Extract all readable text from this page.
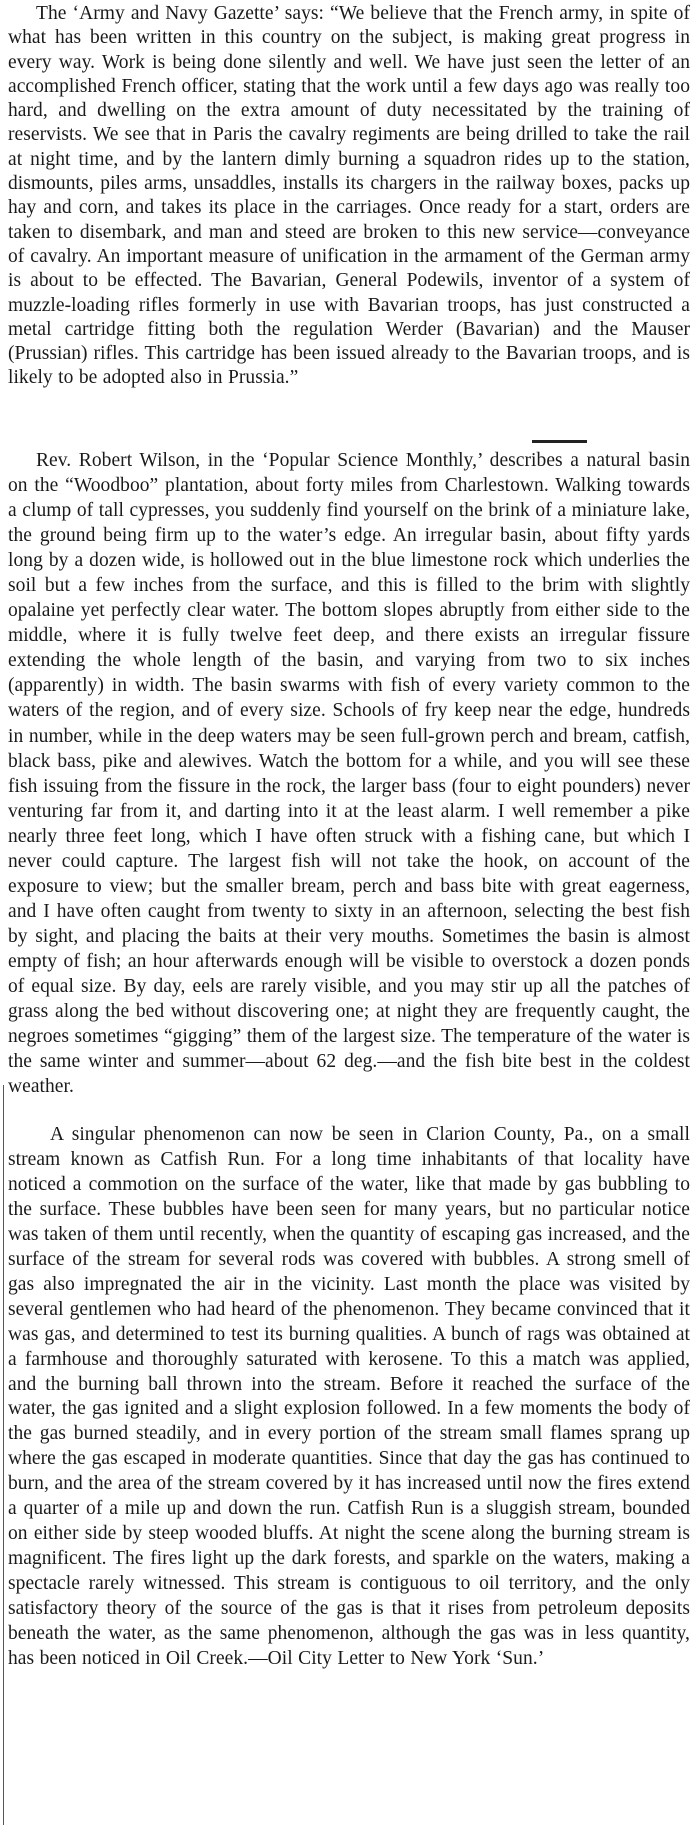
The ‘Army and Navy Gazette’ says: “We believe that the French army, in spite of what has been written in this country on the subject, is making great progress in every way. Work is being done silently and well. We have just seen the letter of an accomplished French officer, stating that the work until a few days ago was really too hard, and dwelling on the extra amount of duty necessitated by the training of reservists. We see that in Paris the cavalry regiments are being drilled to take the rail at night time, and by the lantern dimly burning a squadron rides up to the station, dismounts, piles arms, unsaddles, installs its chargers in the railway boxes, packs up hay and corn, and takes its place in the carriages. Once ready for a start, orders are taken to disembark, and man and steed are broken to this new service—conveyance of cavalry. An important measure of unification in the armament of the German army is about to be effected. The Bavarian, General Podewils, inventor of a system of muzzle-loading rifles formerly in use with Bavarian troops, has just constructed a metal cartridge fitting both the regulation Werder (Bavarian) and the Mauser (Prussian) rifles. This cartridge has been issued already to the Bavarian troops, and is likely to be adopted also in Prussia.”

Rev. Robert Wilson, in the ‘Popular Science Monthly,’ describes a natural basin on the “Woodboo” plantation, about forty miles from Charlestown. Walking towards a clump of tall cypresses, you suddenly find yourself on the brink of a miniature lake, the ground being firm up to the water’s edge. An irregular basin, about fifty yards long by a dozen wide, is hollowed out in the blue limestone rock which underlies the soil but a few inches from the surface, and this is filled to the brim with slightly opalaine yet perfectly clear water. The bottom slopes abruptly from either side to the middle, where it is fully twelve feet deep, and there exists an irregular fissure extending the whole length of the basin, and varying from two to six inches (apparently) in width. The basin swarms with fish of every variety common to the waters of the region, and of every size. Schools of fry keep near the edge, hundreds in number, while in the deep waters may be seen full-grown perch and bream, catfish, black bass, pike and alewives. Watch the bottom for a while, and you will see these fish issuing from the fissure in the rock, the larger bass (four to eight pounders) never venturing far from it, and darting into it at the least alarm. I well remember a pike nearly three feet long, which I have often struck with a fishing cane, but which I never could capture. The largest fish will not take the hook, on account of the exposure to view; but the smaller bream, perch and bass bite with great eagerness, and I have often caught from twenty to sixty in an afternoon, selecting the best fish by sight, and placing the baits at their very mouths. Sometimes the basin is almost empty of fish; an hour afterwards enough will be visible to overstock a dozen ponds of equal size. By day, eels are rarely visible, and you may stir up all the patches of grass along the bed without discovering one; at night they are frequently caught, the negroes sometimes “gigging” them of the largest size. The temperature of the water is the same winter and summer—about 62 deg.—and the fish bite best in the coldest weather.

A singular phenomenon can now be seen in Clarion County, Pa., on a small stream known as Catfish Run. For a long time inhabitants of that locality have noticed a commotion on the surface of the water, like that made by gas bubbling to the surface. These bubbles have been seen for many years, but no particular notice was taken of them until recently, when the quantity of escaping gas increased, and the surface of the stream for several rods was covered with bubbles. A strong smell of gas also impregnated the air in the vicinity. Last month the place was visited by several gentlemen who had heard of the phenomenon. They became convinced that it was gas, and determined to test its burning qualities. A bunch of rags was obtained at a farmhouse and thoroughly saturated with kerosene. To this a match was applied, and the burning ball thrown into the stream. Before it reached the surface of the water, the gas ignited and a slight explosion followed. In a few moments the body of the gas burned steadily, and in every portion of the stream small flames sprang up where the gas escaped in moderate quantities. Since that day the gas has continued to burn, and the area of the stream covered by it has increased until now the fires extend a quarter of a mile up and down the run. Catfish Run is a sluggish stream, bounded on either side by steep wooded bluffs. At night the scene along the burning stream is magnificent. The fires light up the dark forests, and sparkle on the waters, making a spectacle rarely witnessed. This stream is contiguous to oil territory, and the only satisfactory theory of the source of the gas is that it rises from petroleum deposits beneath the water, as the same phenomenon, although the gas was in less quantity, has been noticed in Oil Creek.—Oil City Letter to New York ‘Sun.’
